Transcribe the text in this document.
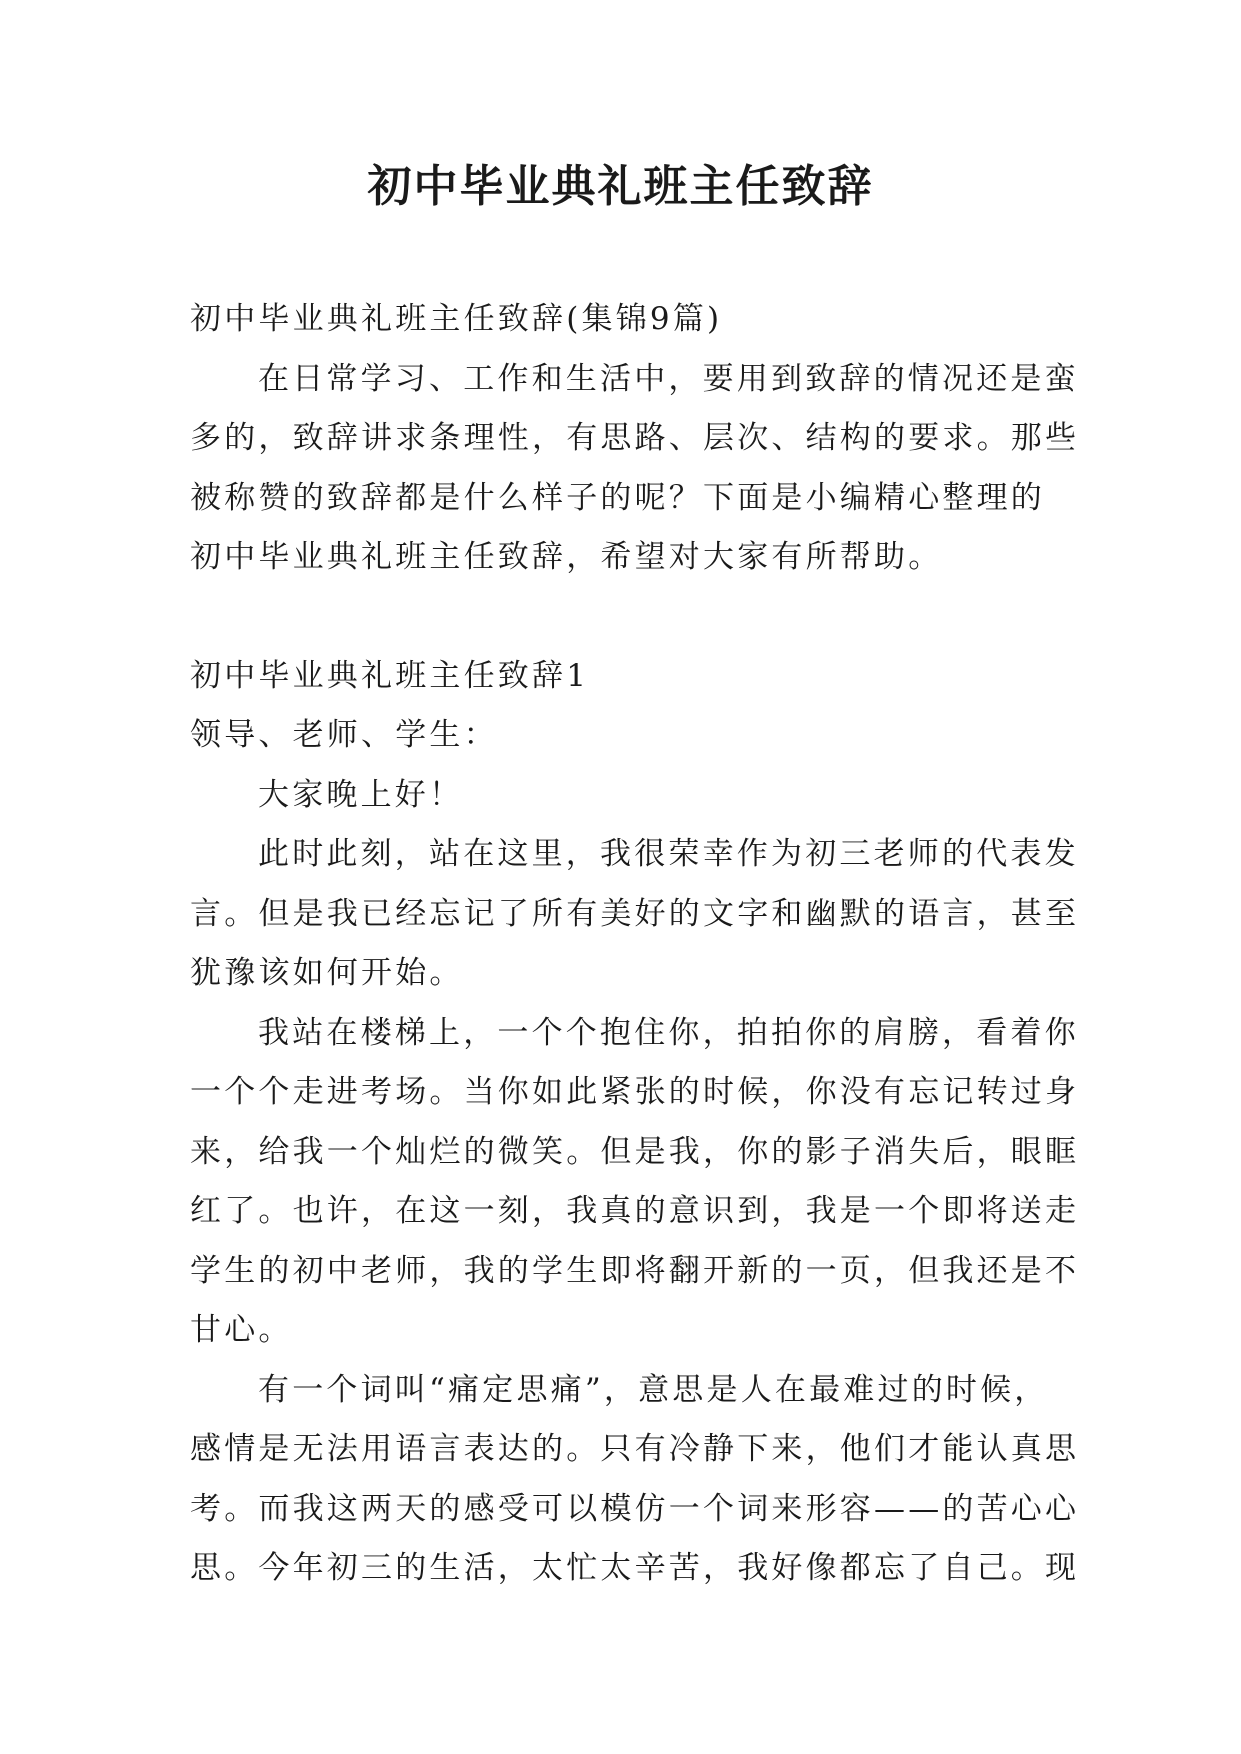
初中毕业典礼班主任致辞

初中毕业典礼班主任致辞(集锦9篇)

在日常学习、工作和生活中，要用到致辞的情况还是蛮

多的，致辞讲求条理性，有思路、层次、结构的要求。那些

被称赞的致辞都是什么样子的呢？下面是小编精心整理的

初中毕业典礼班主任致辞，希望对大家有所帮助。

初中毕业典礼班主任致辞1

领导、老师、学生：

大家晚上好！

此时此刻，站在这里，我很荣幸作为初三老师的代表发

言。但是我已经忘记了所有美好的文字和幽默的语言，甚至

犹豫该如何开始。

我站在楼梯上，一个个抱住你，拍拍你的肩膀，看着你

一个个走进考场。当你如此紧张的时候，你没有忘记转过身

来，给我一个灿烂的微笑。但是我，你的影子消失后，眼眶

红了。也许，在这一刻，我真的意识到，我是一个即将送走

学生的初中老师，我的学生即将翻开新的一页，但我还是不

甘心。

有一个词叫“痛定思痛”，意思是人在最难过的时候，

感情是无法用语言表达的。只有冷静下来，他们才能认真思

考。而我这两天的感受可以模仿一个词来形容——的苦心心

思。今年初三的生活，太忙太辛苦，我好像都忘了自己。现
